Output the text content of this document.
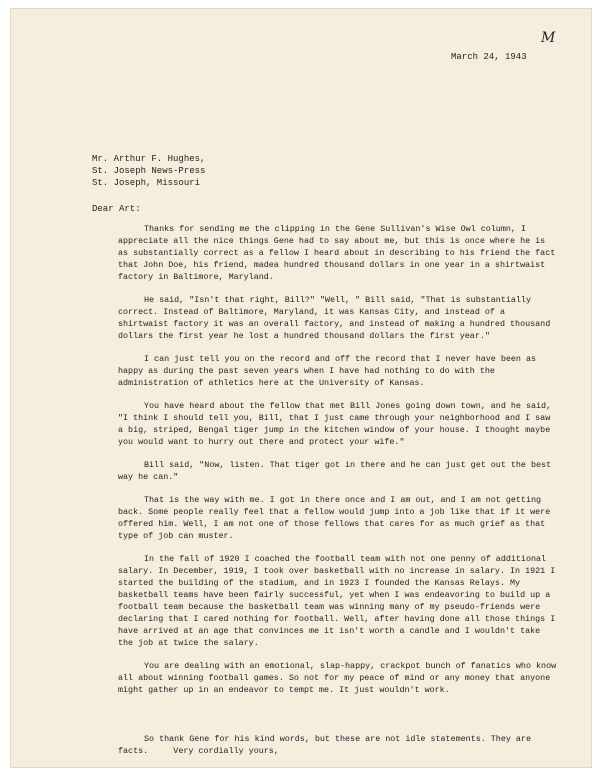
M
March 24, 1943
Mr. Arthur F. Hughes,
St. Joseph News-Press
St. Joseph, Missouri
Dear Art:

Thanks for sending me the clipping in the Gene Sullivan's Wise Owl column, I appreciate all the nice things Gene had to say about me, but this is once where he is as substantially correct as a fellow I heard about in describing to his friend the fact that John Doe, his friend, madea hundred thousand dollars in one year in a shirtwaist factory in Baltimore, Maryland.

He said, "Isn't that right, Bill?" "Well, " Bill said, "That is substantially correct. Instead of Baltimore, Maryland, it was Kansas City, and instead of a shirtwaist factory it was an overall factory, and instead of making a hundred thousand dollars the first year he lost a hundred thousand dollars the first year."

I can just tell you on the record and off the record that I never have been as happy as during the past seven years when I have had nothing to do with the administration of athletics here at the University of Kansas.

You have heard about the fellow that met Bill Jones going down town, and he said, "I think I should tell you, Bill, that I just came through your neighborhood and I saw a big, striped, Bengal tiger jump in the kitchen window of your house. I thought maybe you would want to hurry out there and protect your wife."

Bill said, "Now, listen. That tiger got in there and he can just get out the best way he can."

That is the way with me. I got in there once and I am out, and I am not getting back. Some people really feel that a fellow would jump into a job like that if it were offered him. Well, I am not one of those fellows that cares for as much grief as that type of job can muster.

In the fall of 1920 I coached the football team with not one penny of additional salary. In December, 1919, I took over basketball with no increase in salary. In 1921 I started the building of the stadium, and in 1923 I founded the Kansas Relays. My basketball teams have been fairly successful, yet when I was endeavoring to build up a football team because the basketball team was winning many of my pseudo-friends were declaring that I cared nothing for football. Well, after having done all those things I have arrived at an age that convinces me it isn't worth a candle and I wouldn't take the job at twice the salary.

You are dealing with an emotional, slap-happy, crackpot bunch of fanatics who know all about winning football games. So not for my peace of mind or any money that anyone might gather up in an endeavor to tempt me. It just wouldn't work.

So thank Gene for his kind words, but these are not idle statements. They are facts.	Very cordially yours,
